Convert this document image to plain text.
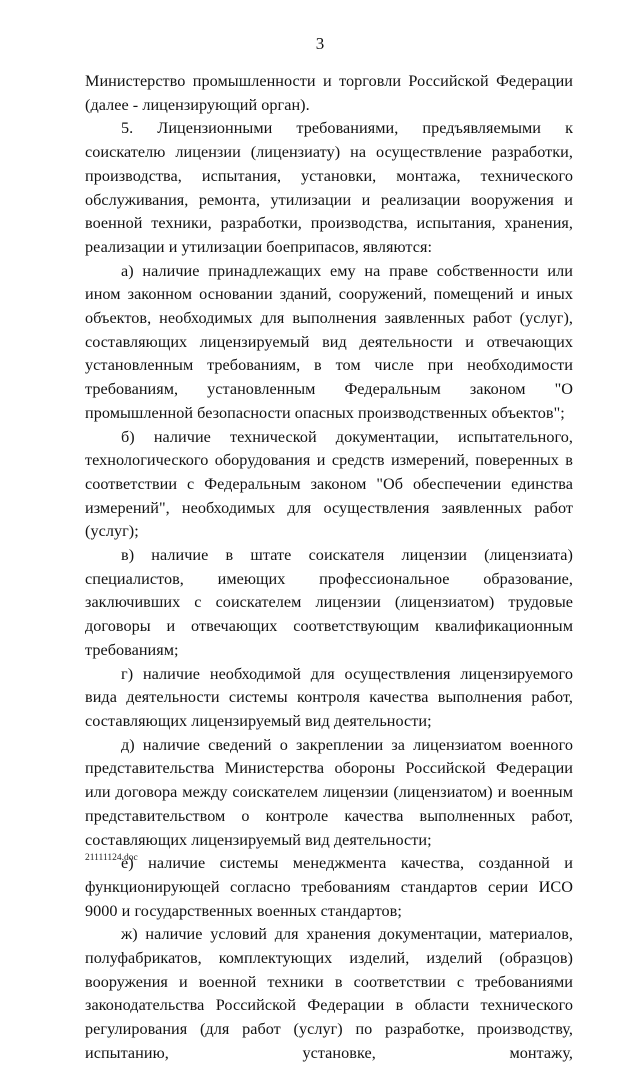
3

Министерство промышленности и торговли Российской Федерации (далее - лицензирующий орган).

5. Лицензионными требованиями, предъявляемыми к соискателю лицензии (лицензиату) на осуществление разработки, производства, испытания, установки, монтажа, технического обслуживания, ремонта, утилизации и реализации вооружения и военной техники, разработки, производства, испытания, хранения, реализации и утилизации боеприпасов, являются:

а) наличие принадлежащих ему на праве собственности или ином законном основании зданий, сооружений, помещений и иных объектов, необходимых для выполнения заявленных работ (услуг), составляющих лицензируемый вид деятельности и отвечающих установленным требованиям, в том числе при необходимости требованиям, установленным Федеральным законом "О промышленной безопасности опасных производственных объектов";

б) наличие технической документации, испытательного, технологического оборудования и средств измерений, поверенных в соответствии с Федеральным законом "Об обеспечении единства измерений", необходимых для осуществления заявленных работ (услуг);

в) наличие в штате соискателя лицензии (лицензиата) специалистов, имеющих профессиональное образование, заключивших с соискателем лицензии (лицензиатом) трудовые договоры и отвечающих соответствующим квалификационным требованиям;

г) наличие необходимой для осуществления лицензируемого вида деятельности системы контроля качества выполнения работ, составляющих лицензируемый вид деятельности;

д) наличие сведений о закреплении за лицензиатом военного представительства Министерства обороны Российской Федерации или договора между соискателем лицензии (лицензиатом) и военным представительством о контроле качества выполненных работ, составляющих лицензируемый вид деятельности;

е) наличие системы менеджмента качества, созданной и функционирующей согласно требованиям стандартов серии ИСО 9000 и государственных военных стандартов;

ж) наличие условий для хранения документации, материалов, полуфабрикатов, комплектующих изделий, изделий (образцов) вооружения и военной техники в соответствии с требованиями законодательства Российской Федерации в области технического регулирования (для работ (услуг) по разработке, производству, испытанию, установке, монтажу,

21111124.doc
